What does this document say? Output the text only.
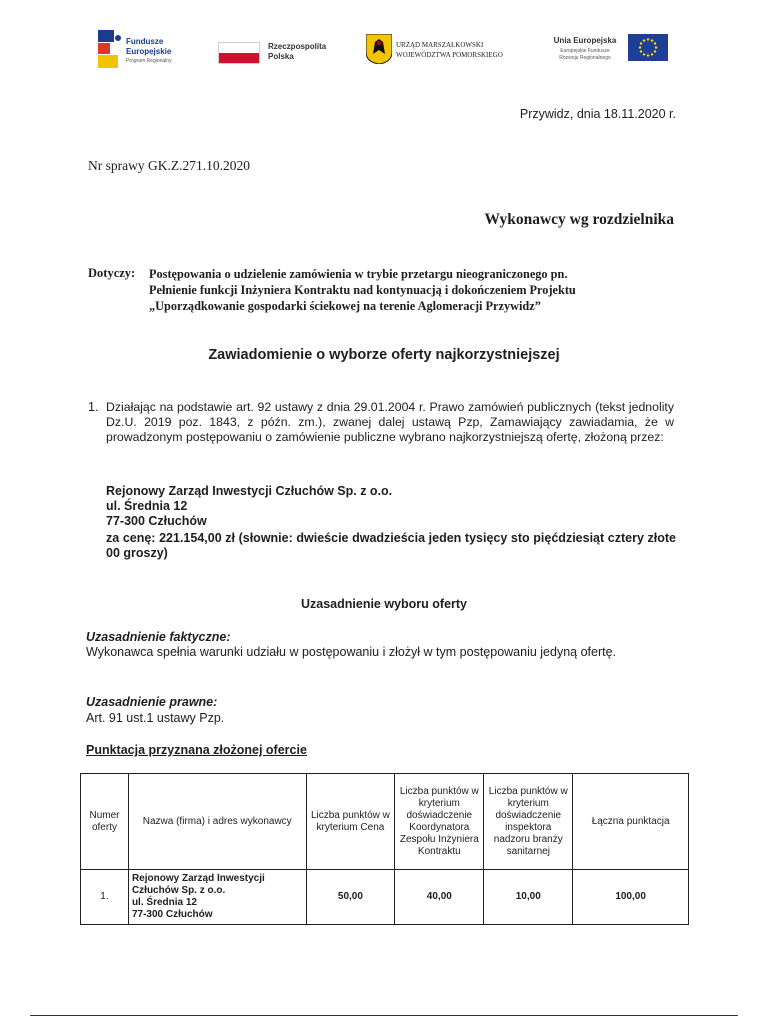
Fundusze
Europejskie
Program Regionalny
Rzeczpospolita
Polska
URZĄD MARSZAŁKOWSKI
WOJEWÓDZTWA POMORSKIEGO
Unia Europejska
Europejskie Fundusze
Rozwoju Regionalnego
Przywidz, dnia 18.11.2020 r.
Nr sprawy GK.Z.271.10.2020
Wykonawcy wg rozdzielnika
Dotyczy: Postępowania o udzielenie zamówienia w trybie przetargu nieograniczonego pn.
Pełnienie funkcji Inżyniera Kontraktu nad kontynuacją i dokończeniem Projektu
„Uporządkowanie gospodarki ściekowej na terenie Aglomeracji Przywidz”
Zawiadomienie o wyborze oferty najkorzystniejszej
1. Działając na podstawie art. 92 ustawy z dnia 29.01.2004 r. Prawo zamówień publicznych (tekst jednolity Dz.U. 2019 poz. 1843, z późn. zm.), zwanej dalej ustawą Pzp, Zamawiający zawiadamia, że w prowadzonym postępowaniu o zamówienie publiczne wybrano najkorzystniejszą ofertę, złożoną przez:
Rejonowy Zarząd Inwestycji Człuchów Sp. z o.o.
ul. Średnia 12
77-300 Człuchów
za cenę: 221.154,00 zł (słownie: dwieście dwadzieścia jeden tysięcy sto pięćdziesiąt cztery złote 00 groszy)
Uzasadnienie wyboru oferty
Uzasadnienie faktyczne:
Wykonawca spełnia warunki udziału w postępowaniu i złożył w tym postępowaniu jedyną ofertę.
Uzasadnienie prawne:
Art. 91 ust.1 ustawy Pzp.
Punktacja przyznana złożonej ofercie
Numer oferty	Nazwa (firma) i adres wykonawcy	Liczba punktów w kryterium Cena	Liczba punktów w kryterium doświadczenie Koordynatora Zespołu Inżyniera Kontraktu	Liczba punktów w kryterium doświadczenie inspektora nadzoru branży sanitarnej	Łączna punktacja
1.	Rejonowy Zarząd Inwestycji
Człuchów Sp. z o.o.
ul. Średnia 12
77-300 Człuchów	50,00	40,00	10,00	100,00
